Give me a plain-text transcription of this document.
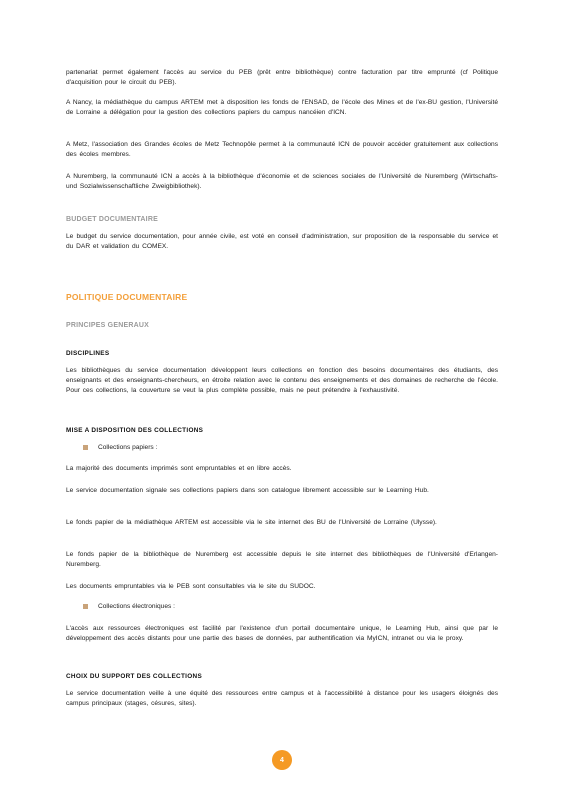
partenariat permet également l'accès au service du PEB (prêt entre bibliothèque) contre facturation par titre emprunté (cf Politique d'acquisition pour le circuit du PEB).

A Nancy, la médiathèque du campus ARTEM met à disposition les fonds de l'ENSAD, de l'école des Mines et de l'ex-BU gestion, l'Université de Lorraine a délégation pour la gestion des collections papiers du campus nancéien d'ICN.

A Metz, l'association des Grandes écoles de Metz Technopôle permet à la communauté ICN de pouvoir accéder gratuitement aux collections des écoles membres.

A Nuremberg, la communauté ICN a accès à la bibliothèque d'économie et de sciences sociales de l'Université de Nuremberg (Wirtschafts- und Sozialwissenschaftliche Zweigbibliothek).

BUDGET DOCUMENTAIRE

Le budget du service documentation, pour année civile, est voté en conseil d'administration, sur proposition de la responsable du service et du DAR et validation du COMEX.

POLITIQUE DOCUMENTAIRE
PRINCIPES GENERAUX
DISCIPLINES

Les bibliothèques du service documentation développent leurs collections en fonction des besoins documentaires des étudiants, des enseignants et des enseignants-chercheurs, en étroite relation avec le contenu des enseignements et des domaines de recherche de l'école. Pour ces collections, la couverture se veut la plus complète possible, mais ne peut prétendre à l'exhaustivité.

MISE A DISPOSITION DES COLLECTIONS
Collections papiers :

La majorité des documents imprimés sont empruntables et en libre accès.

Le service documentation signale ses collections papiers dans son catalogue librement accessible sur le Learning Hub.

Le fonds papier de la médiathèque ARTEM est accessible via le site internet des BU de l'Université de Lorraine (Ulysse).

Le fonds papier de la bibliothèque de Nuremberg est accessible depuis le site internet des bibliothèques de l'Université d'Erlangen-Nuremberg.

Les documents empruntables via le PEB sont consultables via le site du SUDOC.

Collections électroniques :

L'accès aux ressources électroniques est facilité par l'existence d'un portail documentaire unique, le Learning Hub, ainsi que par le développement des accès distants pour une partie des bases de données, par authentification via MyICN, intranet ou via le proxy.

CHOIX DU SUPPORT DES COLLECTIONS

Le service documentation veille à une équité des ressources entre campus et à l'accessibilité à distance pour les usagers éloignés des campus principaux (stages, césures, sites).

4
